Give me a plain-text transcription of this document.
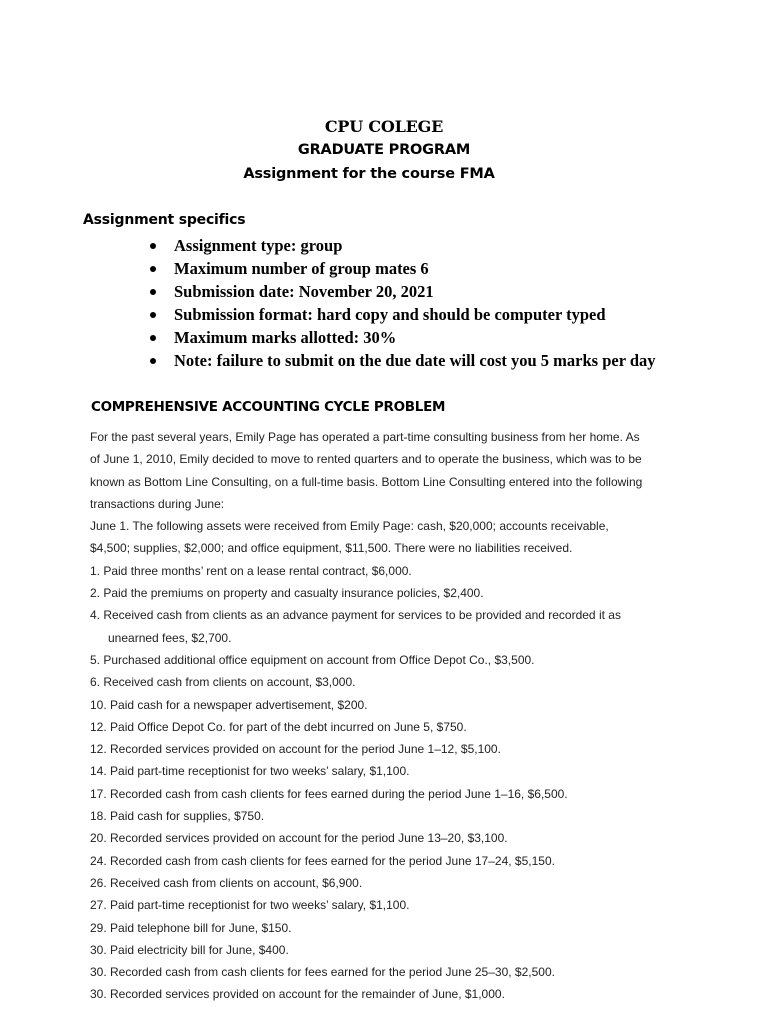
CPU COLEGE
GRADUATE PROGRAM
Assignment for the course FMA
Assignment specifics
Assignment type: group
Maximum number of group mates 6
Submission date: November 20, 2021
Submission format: hard copy and should be computer typed
Maximum marks allotted: 30%
Note: failure to submit on the due date will cost you 5 marks per day
COMPREHENSIVE ACCOUNTING CYCLE PROBLEM
For the past several years, Emily Page has operated a part-time consulting business from her home. As
of June 1, 2010, Emily decided to move to rented quarters and to operate the business, which was to be
known as Bottom Line Consulting, on a full-time basis. Bottom Line Consulting entered into the following
transactions during June:
June 1. The following assets were received from Emily Page: cash, $20,000; accounts receivable,
$4,500; supplies, $2,000; and office equipment, $11,500. There were no liabilities received.
1. Paid three months’ rent on a lease rental contract, $6,000.
2. Paid the premiums on property and casualty insurance policies, $2,400.
4. Received cash from clients as an advance payment for services to be provided and recorded it as
unearned fees, $2,700.
5. Purchased additional office equipment on account from Office Depot Co., $3,500.
6. Received cash from clients on account, $3,000.
10. Paid cash for a newspaper advertisement, $200.
12. Paid Office Depot Co. for part of the debt incurred on June 5, $750.
12. Recorded services provided on account for the period June 1–12, $5,100.
14. Paid part-time receptionist for two weeks’ salary, $1,100.
17. Recorded cash from cash clients for fees earned during the period June 1–16, $6,500.
18. Paid cash for supplies, $750.
20. Recorded services provided on account for the period June 13–20, $3,100.
24. Recorded cash from cash clients for fees earned for the period June 17–24, $5,150.
26. Received cash from clients on account, $6,900.
27. Paid part-time receptionist for two weeks’ salary, $1,100.
29. Paid telephone bill for June, $150.
30. Paid electricity bill for June, $400.
30. Recorded cash from cash clients for fees earned for the period June 25–30, $2,500.
30. Recorded services provided on account for the remainder of June, $1,000.
